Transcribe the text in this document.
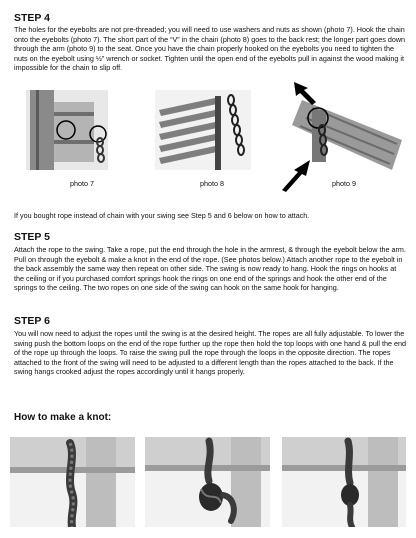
STEP 4
The holes for the eyebolts are not pre-threaded; you will need to use washers and nuts as shown (photo 7). Hook the chain onto the eyebolts (photo 7). The short part of the “V” in the chain (photo 8) goes to the back rest; the longer part goes down through the arm (photo 9) to the seat. Once you have the chain properly hooked on the eyebolts you need to tighten the nuts on the eyebolt using ½” wrench or socket. Tighten until the open end of the eyebolts pull in against the wood making it impossible for the chain to slip off.
photo 7	photo 8	photo 9
If you bought rope instead of chain with your swing see Step 5 and 6 below on how to attach.
STEP 5
Attach the rope to the swing. Take a rope, put the end through the hole in the armrest, & through the eyebolt below the arm. Pull on through the eyebolt & make a knot in the end of the rope. (See photos below.) Attach another rope to the eyebolt in the back assembly the same way then repeat on other side. The swing is now ready to hang. Hook the rings on hooks at the ceiling or if you purchased comfort springs hook the rings on one end of the springs and hook the other end of the springs to the ceiling. The two ropes on one side of the swing can hook on the same hook for hanging.
STEP 6
You will now need to adjust the ropes until the swing is at the desired height. The ropes are all fully adjustable. To lower the swing push the bottom loops on the end of the rope further up the rope then hold the top loops with one hand & pull the end of the rope up through the loops. To raise the swing pull the rope through the loops in the opposite direction. The ropes attached to the front of the swing will need to be adjusted to a different length than the ropes attached to the back. If the swing hangs crooked adjust the ropes accordingly until it hangs properly.
How to make a knot:
